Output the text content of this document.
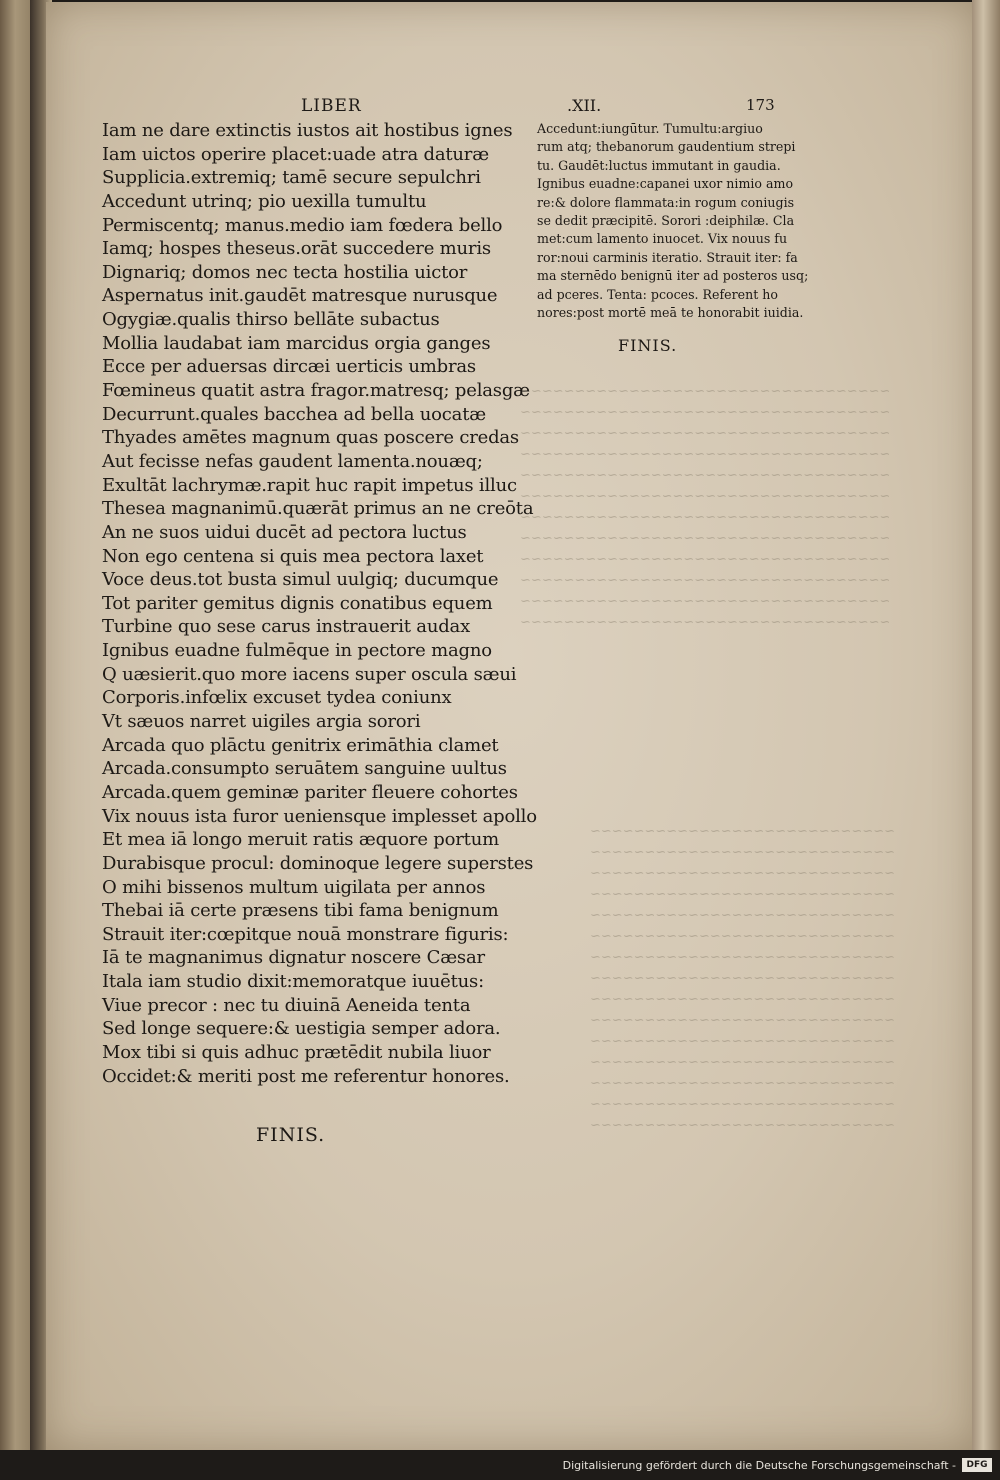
~~~~~~~~~~~~~~~~~~~~~~~~~~~~~~~~~~
~~~~~~~~~~~~~~~~~~~~~~~~~~~~~~~~~~
~~~~~~~~~~~~~~~~~~~~~~~~~~~~~~~~~~
~~~~~~~~~~~~~~~~~~~~~~~~~~~~~~~~~~
~~~~~~~~~~~~~~~~~~~~~~~~~~~~~~~~~~
~~~~~~~~~~~~~~~~~~~~~~~~~~~~~~~~~~
~~~~~~~~~~~~~~~~~~~~~~~~~~~~~~~~~~
~~~~~~~~~~~~~~~~~~~~~~~~~~~~~~~~~~
~~~~~~~~~~~~~~~~~~~~~~~~~~~~~~~~~~
~~~~~~~~~~~~~~~~~~~~~~~~~~~~~~~~~~
~~~~~~~~~~~~~~~~~~~~~~~~~~~~~~~~~~
~~~~~~~~~~~~~~~~~~~~~~~~~~~~~~~~~~

~~~~~~~~~~~~~~~~~~~~~~~~~~~~
~~~~~~~~~~~~~~~~~~~~~~~~~~~~
~~~~~~~~~~~~~~~~~~~~~~~~~~~~
~~~~~~~~~~~~~~~~~~~~~~~~~~~~
~~~~~~~~~~~~~~~~~~~~~~~~~~~~
~~~~~~~~~~~~~~~~~~~~~~~~~~~~
~~~~~~~~~~~~~~~~~~~~~~~~~~~~
~~~~~~~~~~~~~~~~~~~~~~~~~~~~
~~~~~~~~~~~~~~~~~~~~~~~~~~~~
~~~~~~~~~~~~~~~~~~~~~~~~~~~~
~~~~~~~~~~~~~~~~~~~~~~~~~~~~
~~~~~~~~~~~~~~~~~~~~~~~~~~~~
~~~~~~~~~~~~~~~~~~~~~~~~~~~~
~~~~~~~~~~~~~~~~~~~~~~~~~~~~
~~~~~~~~~~~~~~~~~~~~~~~~~~~~

LIBER	.XII.	173
Iam ne dare extinctis iustos ait hostibus ignes
Iam uictos operire placet:uade atra daturæ
Supplicia.extremiq; tamē secure sepulchri
Accedunt utrinq; pio uexilla tumultu
Permiscentq; manus.medio iam fœdera bello
Iamq; hospes theseus.orāt succedere muris
Dignariq; domos nec tecta hostilia uictor
Aspernatus init.gaudēt matresque nurusque
Ogygiæ.qualis thirso bellāte subactus
Mollia laudabat iam marcidus orgia ganges
Ecce per aduersas dircæi uerticis umbras
Fœmineus quatit astra fragor.matresq; pelasgæ
Decurrunt.quales bacchea ad bella uocatæ
Thyades amētes magnum quas poscere credas
Aut fecisse nefas gaudent lamenta.nouæq;
Exultāt lachrymæ.rapit huc rapit impetus illuc
Thesea magnanimū.quærāt primus an ne creōta
An ne suos uidui ducēt ad pectora luctus
Non ego centena si quis mea pectora laxet
Voce deus.tot busta simul uulgiq; ducumque
Tot pariter gemitus dignis conatibus equem
Turbine quo sese carus instrauerit audax
Ignibus euadne fulmēque in pectore magno
Q uæsierit.quo more iacens super oscula sæui
Corporis.infœlix excuset tydea coniunx
Vt sæuos narret uigiles argia sorori
Arcada quo plāctu genitrix erimāthia clamet
Arcada.consumpto seruātem sanguine uultus
Arcada.quem geminæ pariter fleuere cohortes
Vix nouus ista furor ueniensque implesset apollo
Et mea iā longo meruit ratis æquore portum
Durabisque procul: dominoque legere superstes
O mihi bissenos multum uigilata per annos
Thebai iā certe præsens tibi fama benignum
Strauit iter:cœpitque nouā monstrare figuris:
Iā te magnanimus dignatur noscere Cæsar
Itala iam studio dixit:memoratque iuuētus:
Viue precor : nec tu diuinā Aeneida tenta
Sed longe sequere:& uestigia semper adora.
Mox tibi si quis adhuc prætēdit nubila liuor
Occidet:& meriti post me referentur honores.
Accedunt:iungūtur. Tumultu:argiuo
rum atq; thebanorum gaudentium strepi
tu. Gaudēt:luctus immutant in gaudia.
Ignibus euadne:capanei uxor nimio amo
re:& dolore flammata:in rogum coniugis
se dedit præcipitē. Sorori :deiphilæ. Cla
met:cum lamento inuocet. Vix nouus fu
ror:noui carminis iteratio. Strauit iter: fa
ma sternēdo benignū iter ad posteros usq;
ad pceres. Tenta: pcoces. Referent ho
nores:post mortē meā te honorabit iuidia.
FINIS.
FINIS.
Digitalisierung gefördert durch die Deutsche Forschungsgemeinschaft -	DFG
